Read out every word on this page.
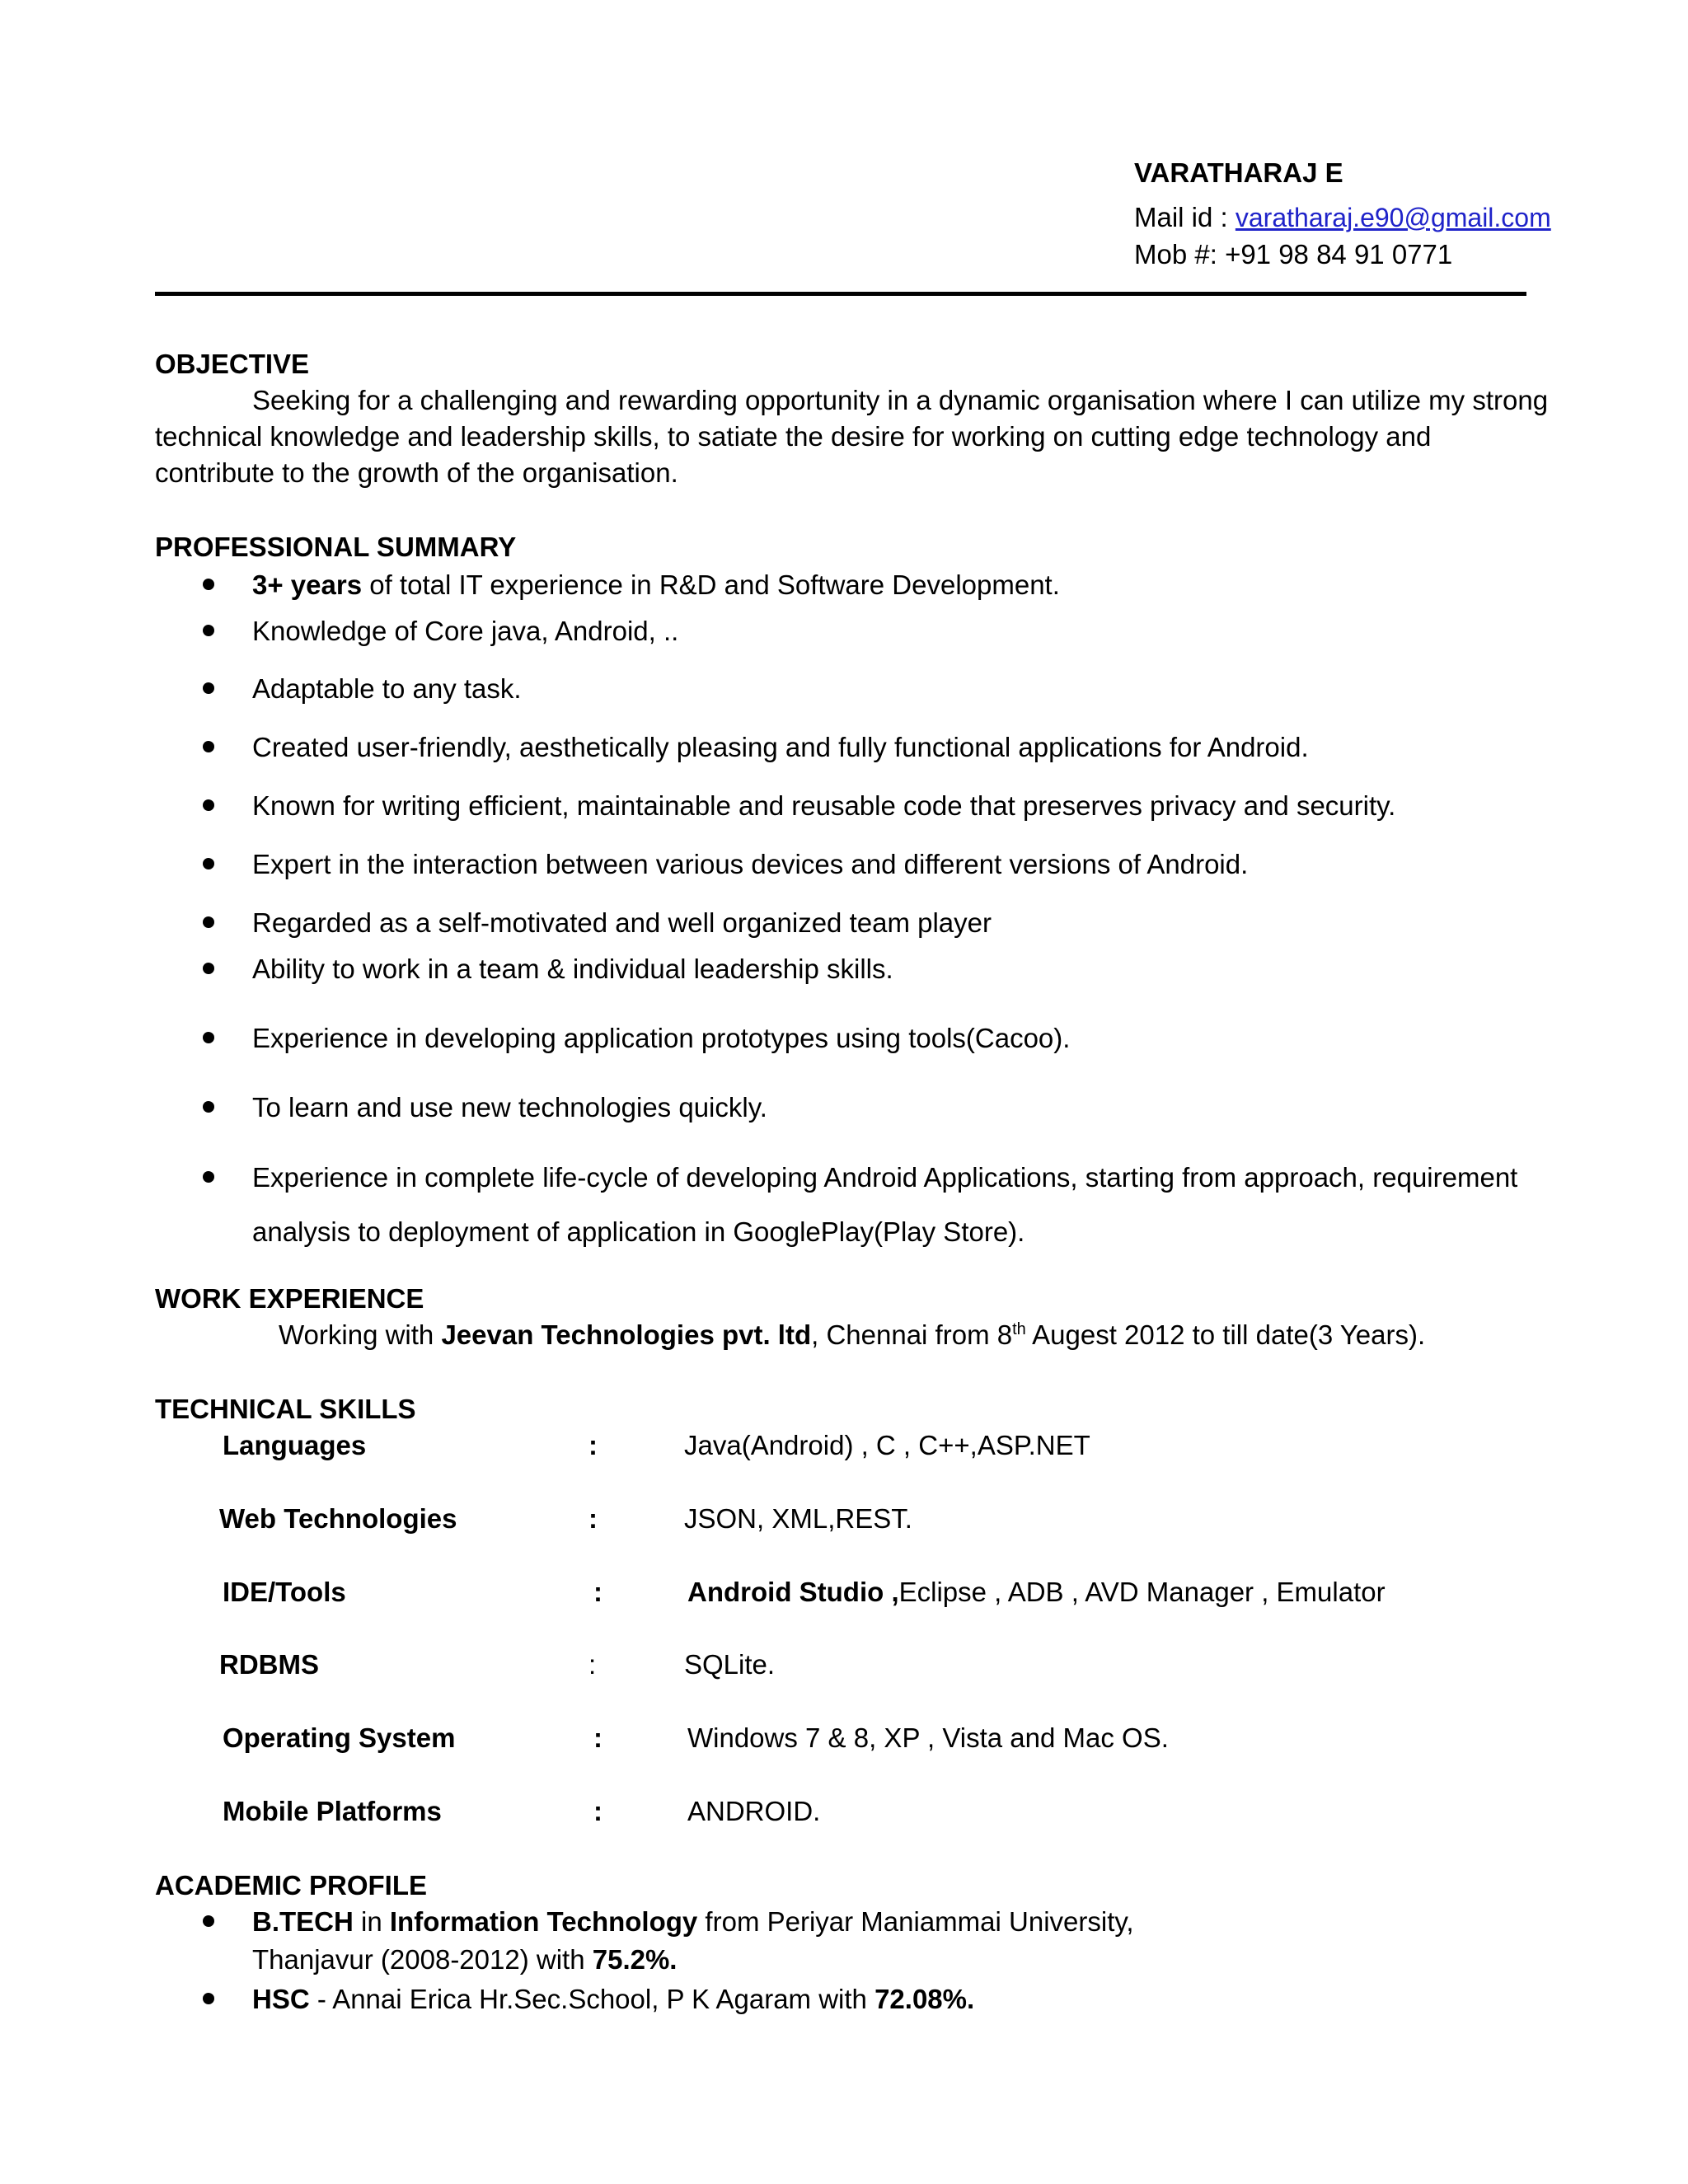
VARATHARAJ E
Mail id : varatharaj.e90@gmail.com
Mob #: +91 98 84 91 0771
OBJECTIVE
Seeking for a challenging and rewarding opportunity in a dynamic organisation where I can utilize my strong
technical knowledge and leadership skills, to satiate the desire for working on cutting edge technology and
contribute to the growth of the organisation.
PROFESSIONAL SUMMARY
3+ years of total IT experience in R&D and Software Development.
Knowledge of Core java, Android, ..
Adaptable to any task.
Created user-friendly, aesthetically pleasing and fully functional applications for Android.
Known for writing efficient, maintainable and reusable code that preserves privacy and security.
Expert in the interaction between various devices and different versions of Android.
Regarded as a self-motivated and well organized team player
Ability to work in a team & individual leadership skills.
Experience in developing application prototypes using tools(Cacoo).
To learn and use new technologies quickly.
Experience in complete life-cycle of developing Android Applications, starting from approach, requirement
analysis to deployment of application in GooglePlay(Play Store).
WORK EXPERIENCE
Working with Jeevan Technologies pvt. ltd, Chennai from 8th Augest 2012 to till date(3 Years).
TECHNICAL SKILLS
Languages	:	Java(Android) , C , C++,ASP.NET
Web Technologies	:	JSON, XML,REST.
IDE/Tools	:	Android Studio ,Eclipse , ADB , AVD Manager , Emulator
RDBMS	:	SQLite.
Operating System	:	Windows 7 & 8, XP , Vista and Mac OS.
Mobile Platforms	:	ANDROID.
ACADEMIC PROFILE
B.TECH in Information Technology from Periyar Maniammai University,
Thanjavur (2008-2012) with 75.2%.
HSC - Annai Erica Hr.Sec.School, P K Agaram with 72.08%.
